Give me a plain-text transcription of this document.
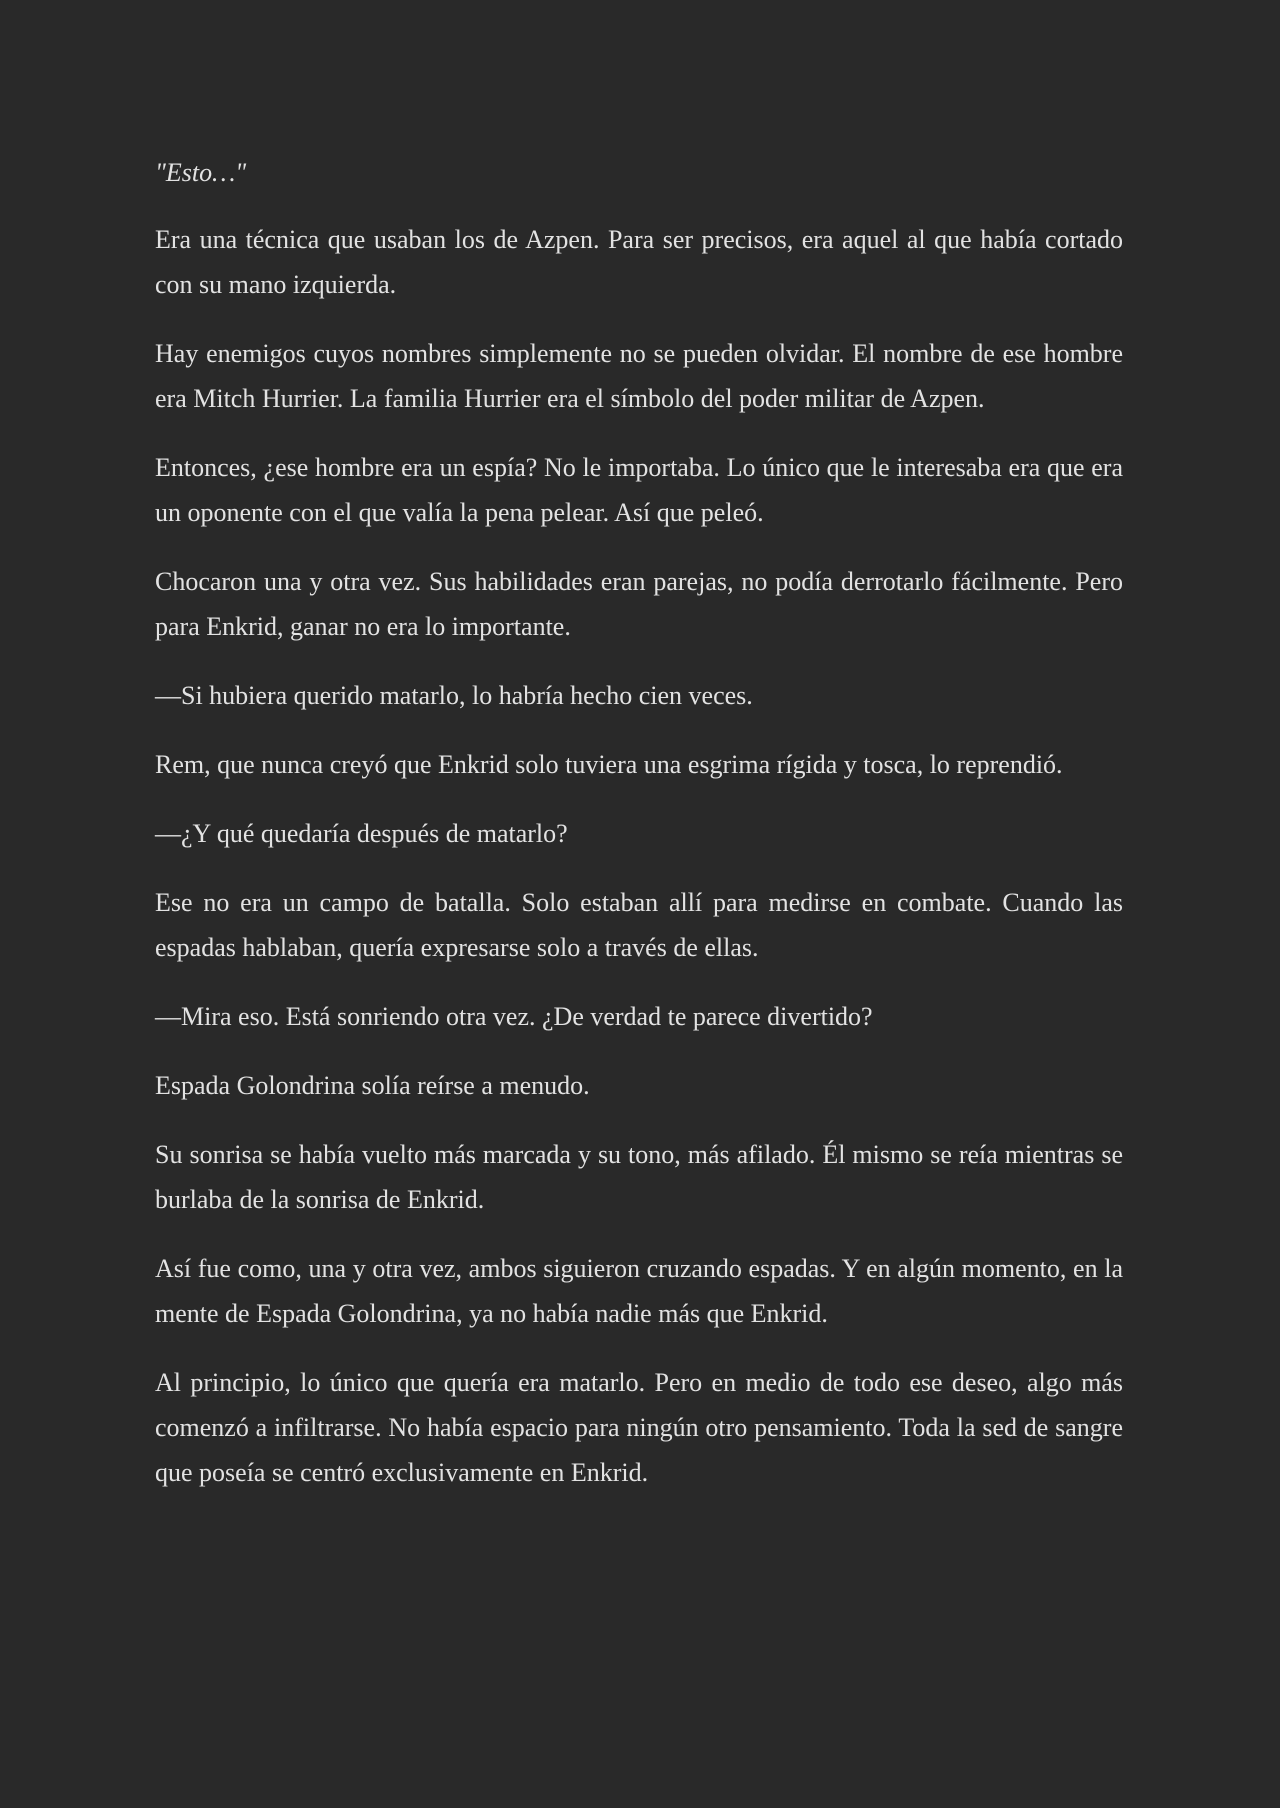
"Esto…"

Era una técnica que usaban los de Azpen. Para ser precisos, era aquel al que había cortado con su mano izquierda.

Hay enemigos cuyos nombres simplemente no se pueden olvidar. El nombre de ese hombre era Mitch Hurrier. La familia Hurrier era el símbolo del poder militar de Azpen.

Entonces, ¿ese hombre era un espía? No le importaba. Lo único que le interesaba era que era un oponente con el que valía la pena pelear. Así que peleó.

Chocaron una y otra vez. Sus habilidades eran parejas, no podía derrotarlo fácilmente. Pero para Enkrid, ganar no era lo importante.

—Si hubiera querido matarlo, lo habría hecho cien veces.

Rem, que nunca creyó que Enkrid solo tuviera una esgrima rígida y tosca, lo reprendió.

—¿Y qué quedaría después de matarlo?

Ese no era un campo de batalla. Solo estaban allí para medirse en combate. Cuando las espadas hablaban, quería expresarse solo a través de ellas.

—Mira eso. Está sonriendo otra vez. ¿De verdad te parece divertido?

Espada Golondrina solía reírse a menudo.

Su sonrisa se había vuelto más marcada y su tono, más afilado. Él mismo se reía mientras se burlaba de la sonrisa de Enkrid.

Así fue como, una y otra vez, ambos siguieron cruzando espadas. Y en algún momento, en la mente de Espada Golondrina, ya no había nadie más que Enkrid.

Al principio, lo único que quería era matarlo. Pero en medio de todo ese deseo, algo más comenzó a infiltrarse. No había espacio para ningún otro pensamiento. Toda la sed de sangre que poseía se centró exclusivamente en Enkrid.
